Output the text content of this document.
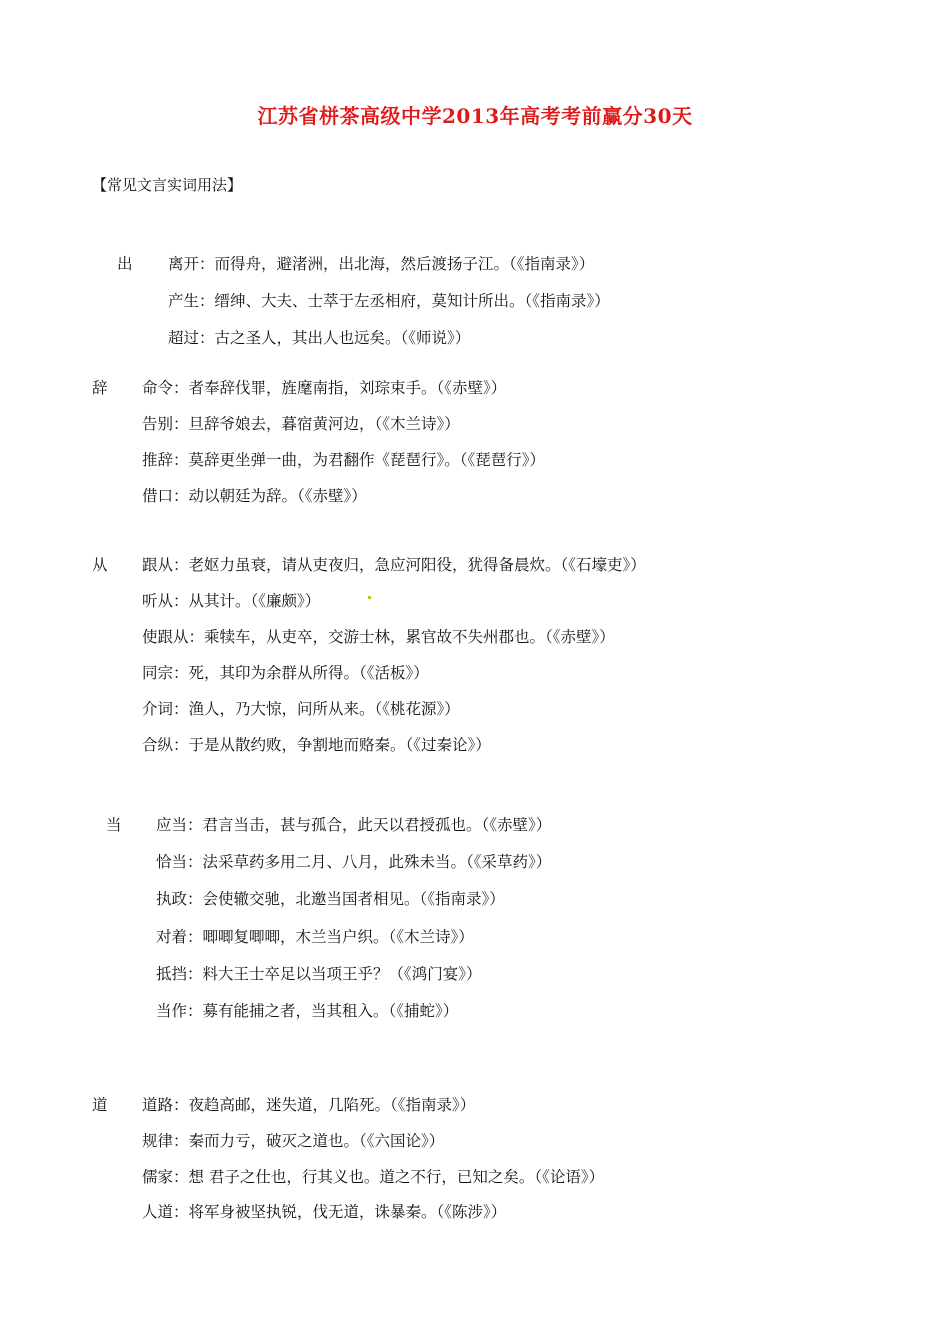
江苏省栟茶高级中学2013年高考考前赢分30天
【常见文言实词用法】
出 离开：而得舟，避渚洲，出北海，然后渡扬子江。（《指南录》）
产生：缙绅、大夫、士萃于左丞相府，莫知计所出。（《指南录》）
超过：古之圣人，其出人也远矣。（《师说》）
辞 命令：者奉辞伐罪，旌麾南指，刘琮束手。（《赤壁》）
告别：旦辞爷娘去，暮宿黄河边，（《木兰诗》）
推辞：莫辞更坐弹一曲，为君翻作《琵琶行》。（《琵琶行》）
借口：动以朝廷为辞。（《赤壁》）
从 跟从：老妪力虽衰，请从吏夜归，急应河阳役，犹得备晨炊。（《石壕吏》）
听从：从其计。（《廉颇》）
使跟从：乘犊车，从吏卒，交游士林，累官故不失州郡也。（《赤壁》）
同宗：死，其印为余群从所得。（《活板》）
介词：渔人，乃大惊，问所从来。（《桃花源》）
合纵：于是从散约败，争割地而赂秦。（《过秦论》）
当 应当：君言当击，甚与孤合，此天以君授孤也。（《赤壁》）
恰当：法采草药多用二月、八月，此殊未当。（《采草药》）
执政：会使辙交驰，北邀当国者相见。（《指南录》）
对着：唧唧复唧唧，木兰当户织。（《木兰诗》）
抵挡：料大王士卒足以当项王乎？（《鸿门宴》）
当作：募有能捕之者，当其租入。（《捕蛇》）
道 道路：夜趋高邮，迷失道，几陷死。（《指南录》）
规律：秦而力亏，破灭之道也。（《六国论》）
儒家：想 君子之仕也，行其义也。道之不行，已知之矣。（《论语》）
人道：将军身被坚执锐，伐无道，诛暴秦。（《陈涉》）
